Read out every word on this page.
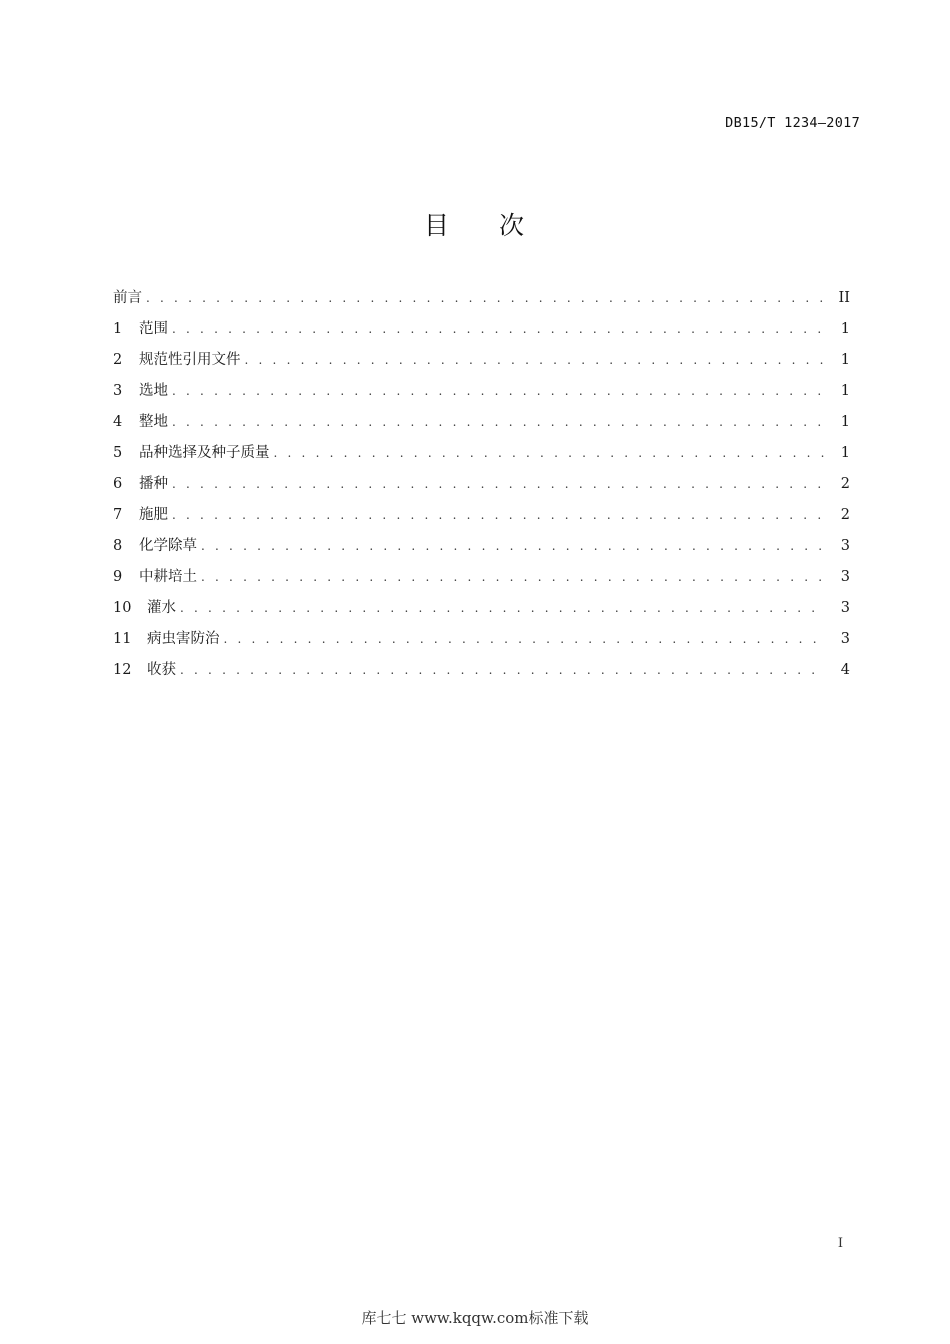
DB15/T 1234—2017
目 次
前言 . . .	II
1	范围 . . .	1
2	规范性引用文件 . . .	1
3	选地 . . .	1
4	整地 . . .	1
5	品种选择及种子质量 . . .	1
6	播种 . . .	2
7	施肥 . . .	2
8	化学除草 . . .	3
9	中耕培土 . . .	3
10	灌水 . . .	3
11	病虫害防治 . . .	3
12	收获 . . .	4
I
库七七 www.kqqw.com标准下载
